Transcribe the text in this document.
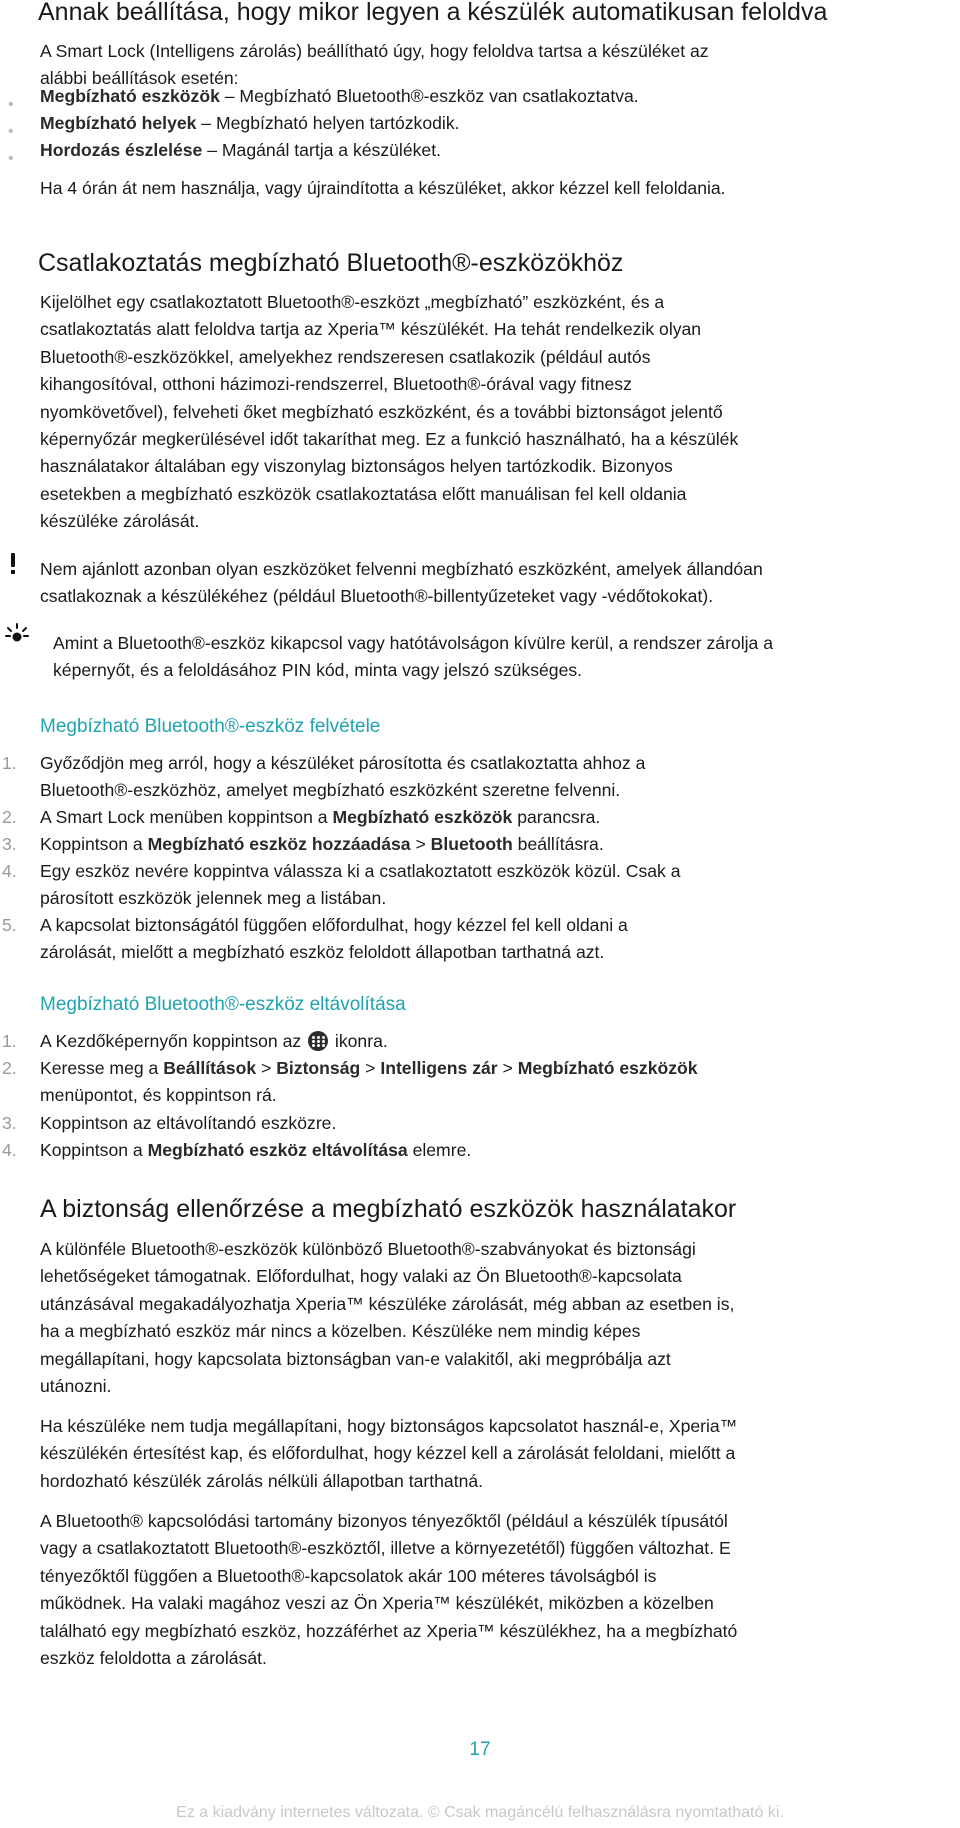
Annak beállítása, hogy mikor legyen a készülék automatikusan feloldva
A Smart Lock (Intelligens zárolás) beállítható úgy, hogy feloldva tartsa a készüléket az
alábbi beállítások esetén:
• Megbízható eszközök – Megbízható Bluetooth®-eszköz van csatlakoztatva.
• Megbízható helyek – Megbízható helyen tartózkodik.
• Hordozás észlelése – Magánál tartja a készüléket.
Ha 4 órán át nem használja, vagy újraindította a készüléket, akkor kézzel kell feloldania.
Csatlakoztatás megbízható Bluetooth®-eszközökhöz
Kijelölhet egy csatlakoztatott Bluetooth®-eszközt „megbízható” eszközként, és a
csatlakoztatás alatt feloldva tartja az Xperia™ készülékét. Ha tehát rendelkezik olyan
Bluetooth®-eszközökkel, amelyekhez rendszeresen csatlakozik (például autós
kihangosítóval, otthoni házimozi-rendszerrel, Bluetooth®-órával vagy fitnesz
nyomkövetővel), felveheti őket megbízható eszközként, és a további biztonságot jelentő
képernyőzár megkerülésével időt takaríthat meg. Ez a funkció használható, ha a készülék
használatakor általában egy viszonylag biztonságos helyen tartózkodik. Bizonyos
esetekben a megbízható eszközök csatlakoztatása előtt manuálisan fel kell oldania
készüléke zárolását.
Nem ajánlott azonban olyan eszközöket felvenni megbízható eszközként, amelyek állandóan
csatlakoznak a készülékéhez (például Bluetooth®-billentyűzeteket vagy -védőtokokat).
Amint a Bluetooth®-eszköz kikapcsol vagy hatótávolságon kívülre kerül, a rendszer zárolja a
képernyőt, és a feloldásához PIN kód, minta vagy jelszó szükséges.
Megbízható Bluetooth®-eszköz felvétele
1.	Győződjön meg arról, hogy a készüléket párosította és csatlakoztatta ahhoz a
Bluetooth®-eszközhöz, amelyet megbízható eszközként szeretne felvenni.
2.	A Smart Lock menüben koppintson a Megbízható eszközök parancsra.
3.	Koppintson a Megbízható eszköz hozzáadása > Bluetooth beállításra.
4.	Egy eszköz nevére koppintva válassza ki a csatlakoztatott eszközök közül. Csak a
párosított eszközök jelennek meg a listában.
5.	A kapcsolat biztonságától függően előfordulhat, hogy kézzel fel kell oldani a
zárolását, mielőtt a megbízható eszköz feloldott állapotban tarthatná azt.
Megbízható Bluetooth®-eszköz eltávolítása
1.	A Kezdőképernyőn koppintson az
ikonra.
2.	Keresse meg a Beállítások > Biztonság > Intelligens zár > Megbízható eszközök
menüpontot, és koppintson rá.
3.	Koppintson az eltávolítandó eszközre.
4.	Koppintson a Megbízható eszköz eltávolítása elemre.
A biztonság ellenőrzése a megbízható eszközök használatakor
A különféle Bluetooth®-eszközök különböző Bluetooth®-szabványokat és biztonsági
lehetőségeket támogatnak. Előfordulhat, hogy valaki az Ön Bluetooth®-kapcsolata
utánzásával megakadályozhatja Xperia™ készüléke zárolását, még abban az esetben is,
ha a megbízható eszköz már nincs a közelben. Készüléke nem mindig képes
megállapítani, hogy kapcsolata biztonságban van-e valakitől, aki megpróbálja azt
utánozni.
Ha készüléke nem tudja megállapítani, hogy biztonságos kapcsolatot használ-e, Xperia™
készülékén értesítést kap, és előfordulhat, hogy kézzel kell a zárolását feloldani, mielőtt a
hordozható készülék zárolás nélküli állapotban tarthatná.
A Bluetooth® kapcsolódási tartomány bizonyos tényezőktől (például a készülék típusától
vagy a csatlakoztatott Bluetooth®-eszköztől, illetve a környezetétől) függően változhat. E
tényezőktől függően a Bluetooth®-kapcsolatok akár 100 méteres távolságból is
működnek. Ha valaki magához veszi az Ön Xperia™ készülékét, miközben a közelben
található egy megbízható eszköz, hozzáférhet az Xperia™ készülékhez, ha a megbízható
eszköz feloldotta a zárolását.
17
Ez a kiadvány internetes változata. © Csak magáncélú felhasználásra nyomtatható ki.
